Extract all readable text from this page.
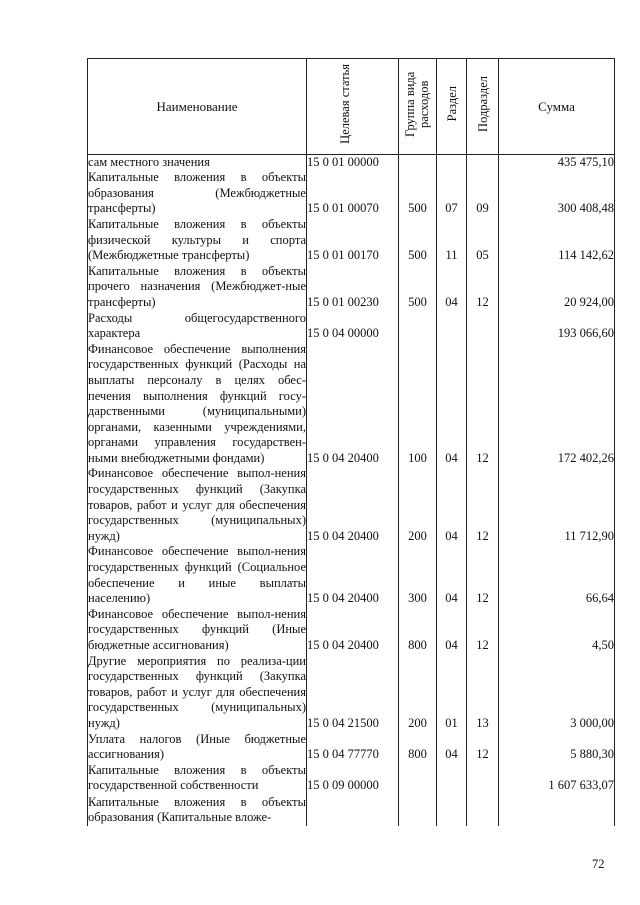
Наименование	Целевая статья	Группа вида расходов	Раздел	Подраздел	Сумма
сам местного значения	15 0 01 00000				435 475,10
Капитальные вложения в объекты образования (Межбюджетные трансферты)	15 0 01 00070	500	07	09	300 408,48
Капитальные вложения в объекты физической культуры и спорта (Межбюджетные трансферты)	15 0 01 00170	500	11	05	114 142,62
Капитальные вложения в объекты прочего назначения (Межбюджет-ные трансферты)	15 0 01 00230	500	04	12	20 924,00
Расходы общегосударственного характера	15 0 04 00000				193 066,60
Финансовое обеспечение выполнения государственных функций (Расходы на выплаты персоналу в целях обес-печения выполнения функций госу-дарственными (муниципальными) органами, казенными учреждениями, органами управления государствен-ными внебюджетными фондами)	15 0 04 20400	100	04	12	172 402,26
Финансовое обеспечение выпол-нения государственных функций (Закупка товаров, работ и услуг для обеспечения государственных (муниципальных) нужд)	15 0 04 20400	200	04	12	11 712,90
Финансовое обеспечение выпол-нения государственных функций (Социальное обеспечение и иные выплаты населению)	15 0 04 20400	300	04	12	66,64
Финансовое обеспечение выпол-нения государственных функций (Иные бюджетные ассигнования)	15 0 04 20400	800	04	12	4,50
Другие мероприятия по реализа-ции государственных функций (Закупка товаров, работ и услуг для обеспечения государственных (муниципальных) нужд)	15 0 04 21500	200	01	13	3 000,00
Уплата налогов (Иные бюджетные ассигнования)	15 0 04 77770	800	04	12	5 880,30
Капитальные вложения в объекты государственной собственности	15 0 09 00000				1 607 633,07
Капитальные вложения в объекты образования (Капитальные вложе-					
72
